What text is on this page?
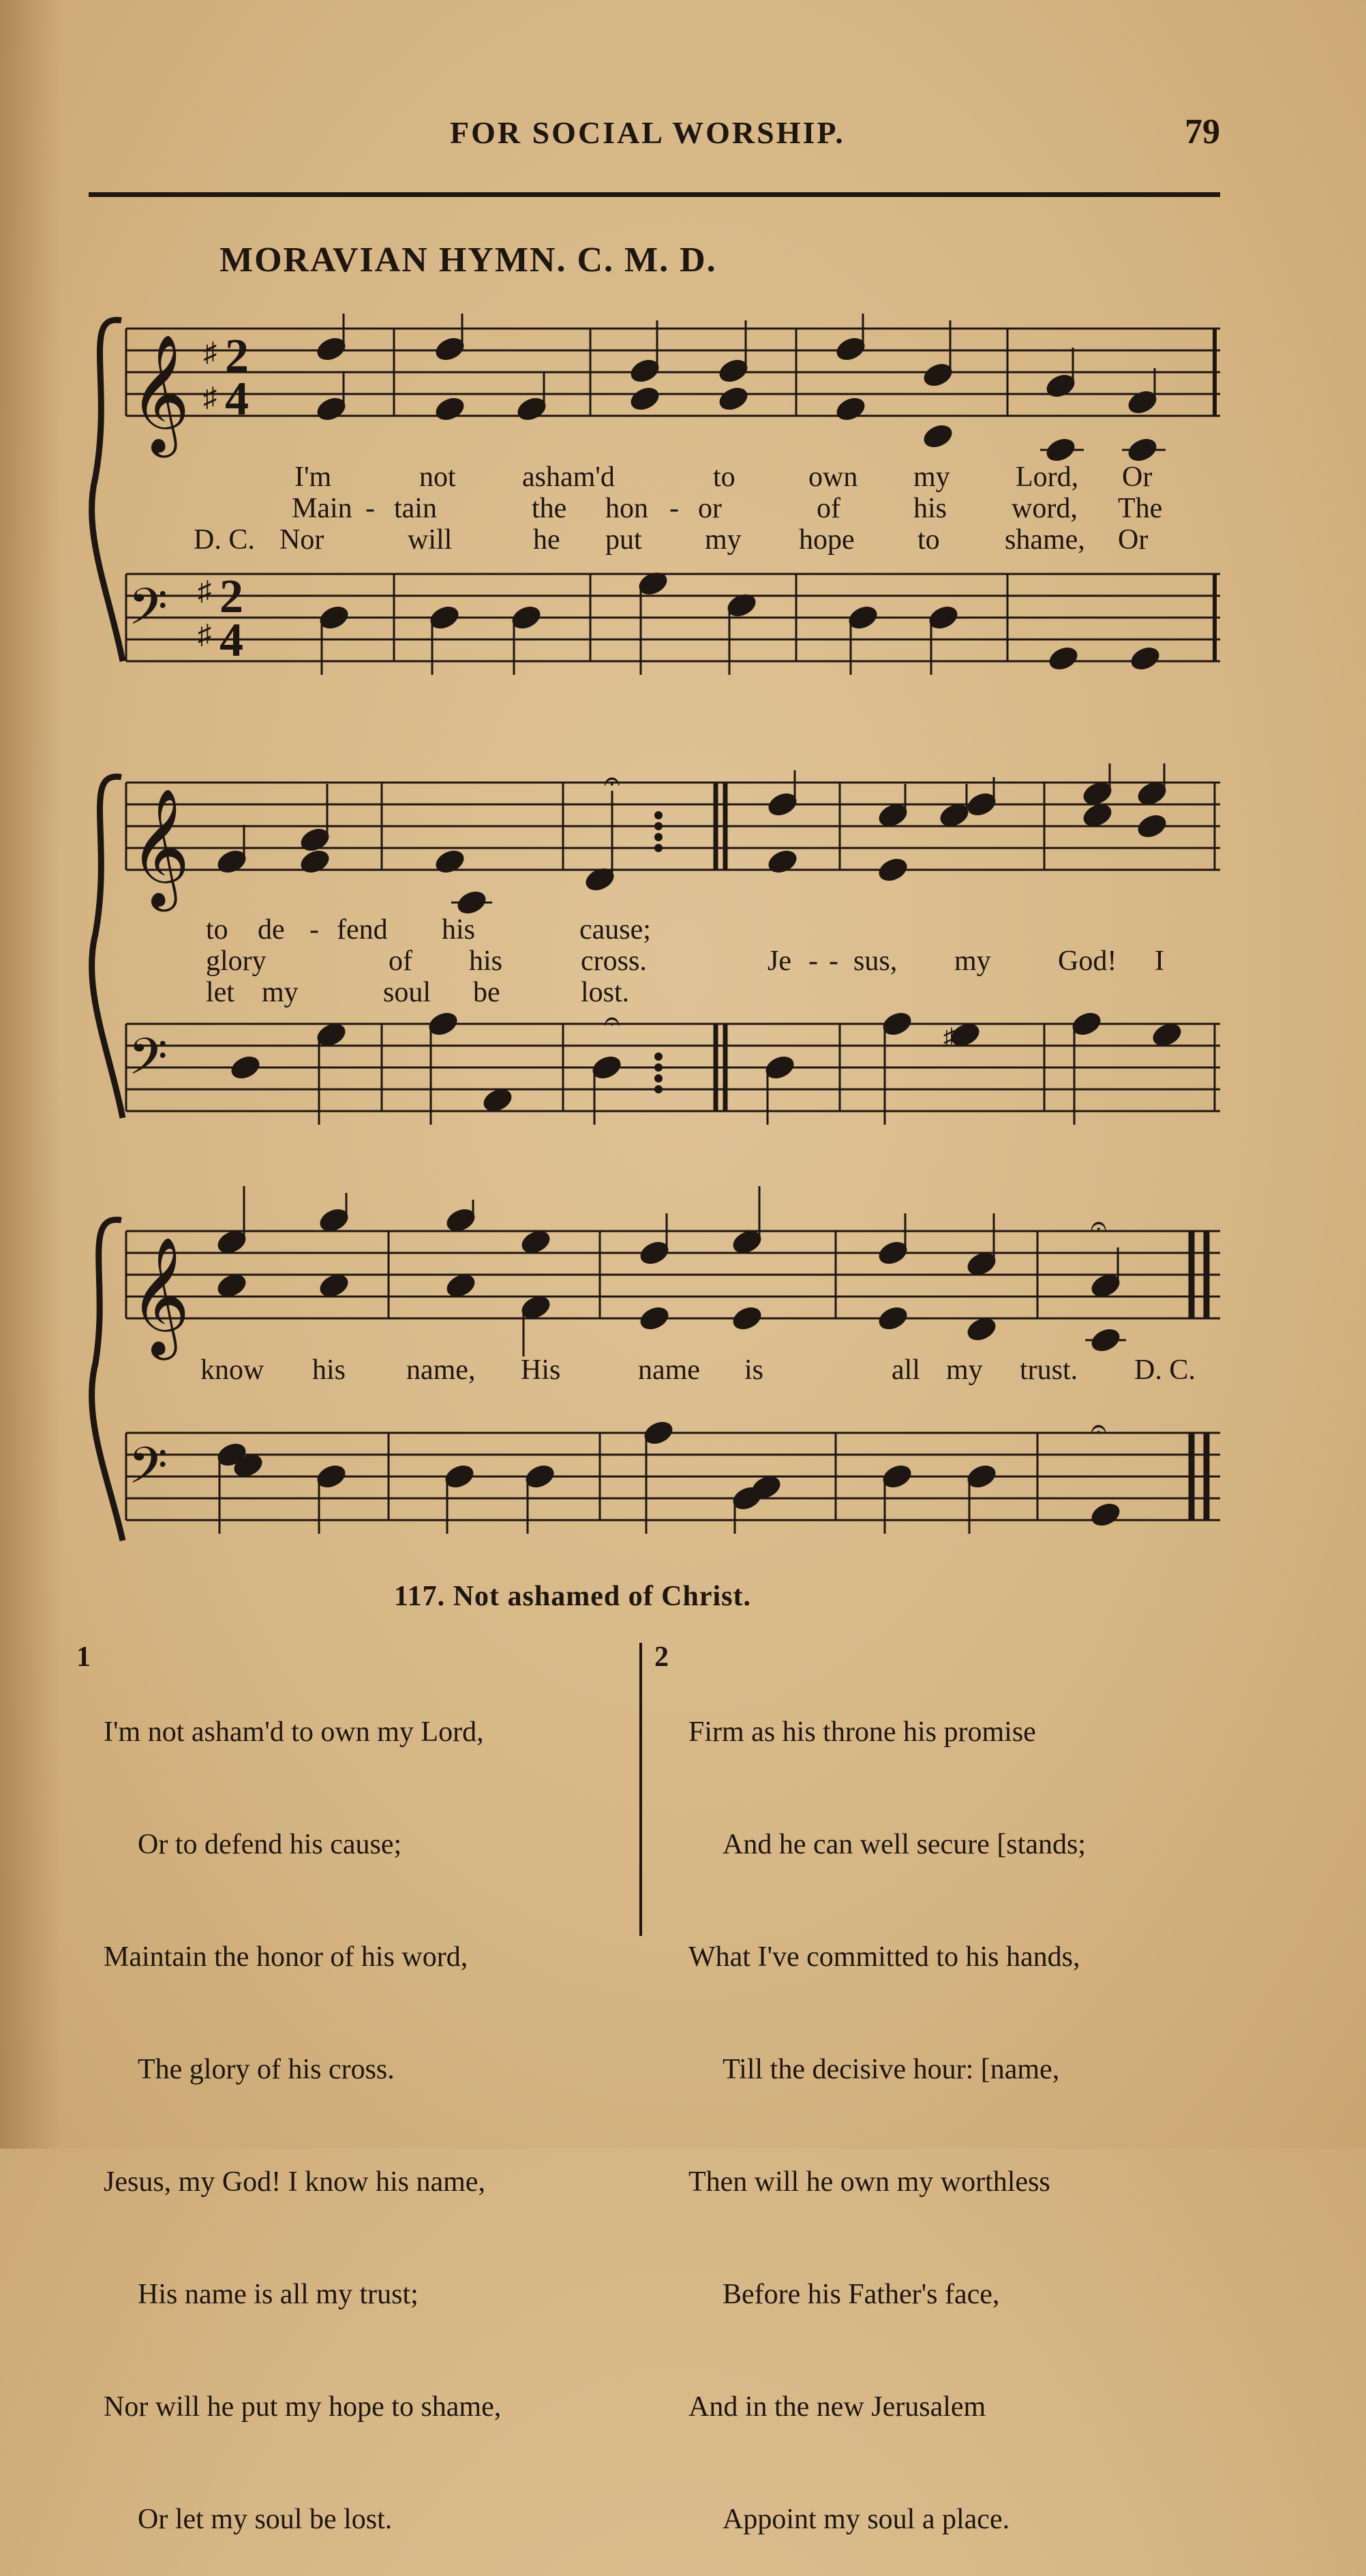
FOR SOCIAL WORSHIP.	79
MORAVIAN HYMN. C. M. D.
𝄞 ♯
♯
2
4
𝄢 ♯
♯
2
4
I'm	not asham'd	to	own my Lord, Or
Main - tain	the hon - or	of	his word, The
D. C. Nor	will	he put my hope to shame, Or
𝄞
𝄐
𝄢
𝄐	♯
to de - fend his	cause;
glory	of his	cross.	Je - - sus, my God! I
let my	soul be	lost.
𝄞
𝄐
𝄢
𝄐
know his name, His	name is	all my trust. D. C.
117. Not ashamed of Christ.
1

I'm not asham'd to own my Lord,

Or to defend his cause;

Maintain the honor of his word,

The glory of his cross.

Jesus, my God! I know his name,

His name is all my trust;

Nor will he put my hope to shame,

Or let my soul be lost.

2

Firm as his throne his promise

And he can well secure [stands;

What I've committed to his hands,

Till the decisive hour: [name,

Then will he own my worthless

Before his Father's face,

And in the new Jerusalem

Appoint my soul a place.
